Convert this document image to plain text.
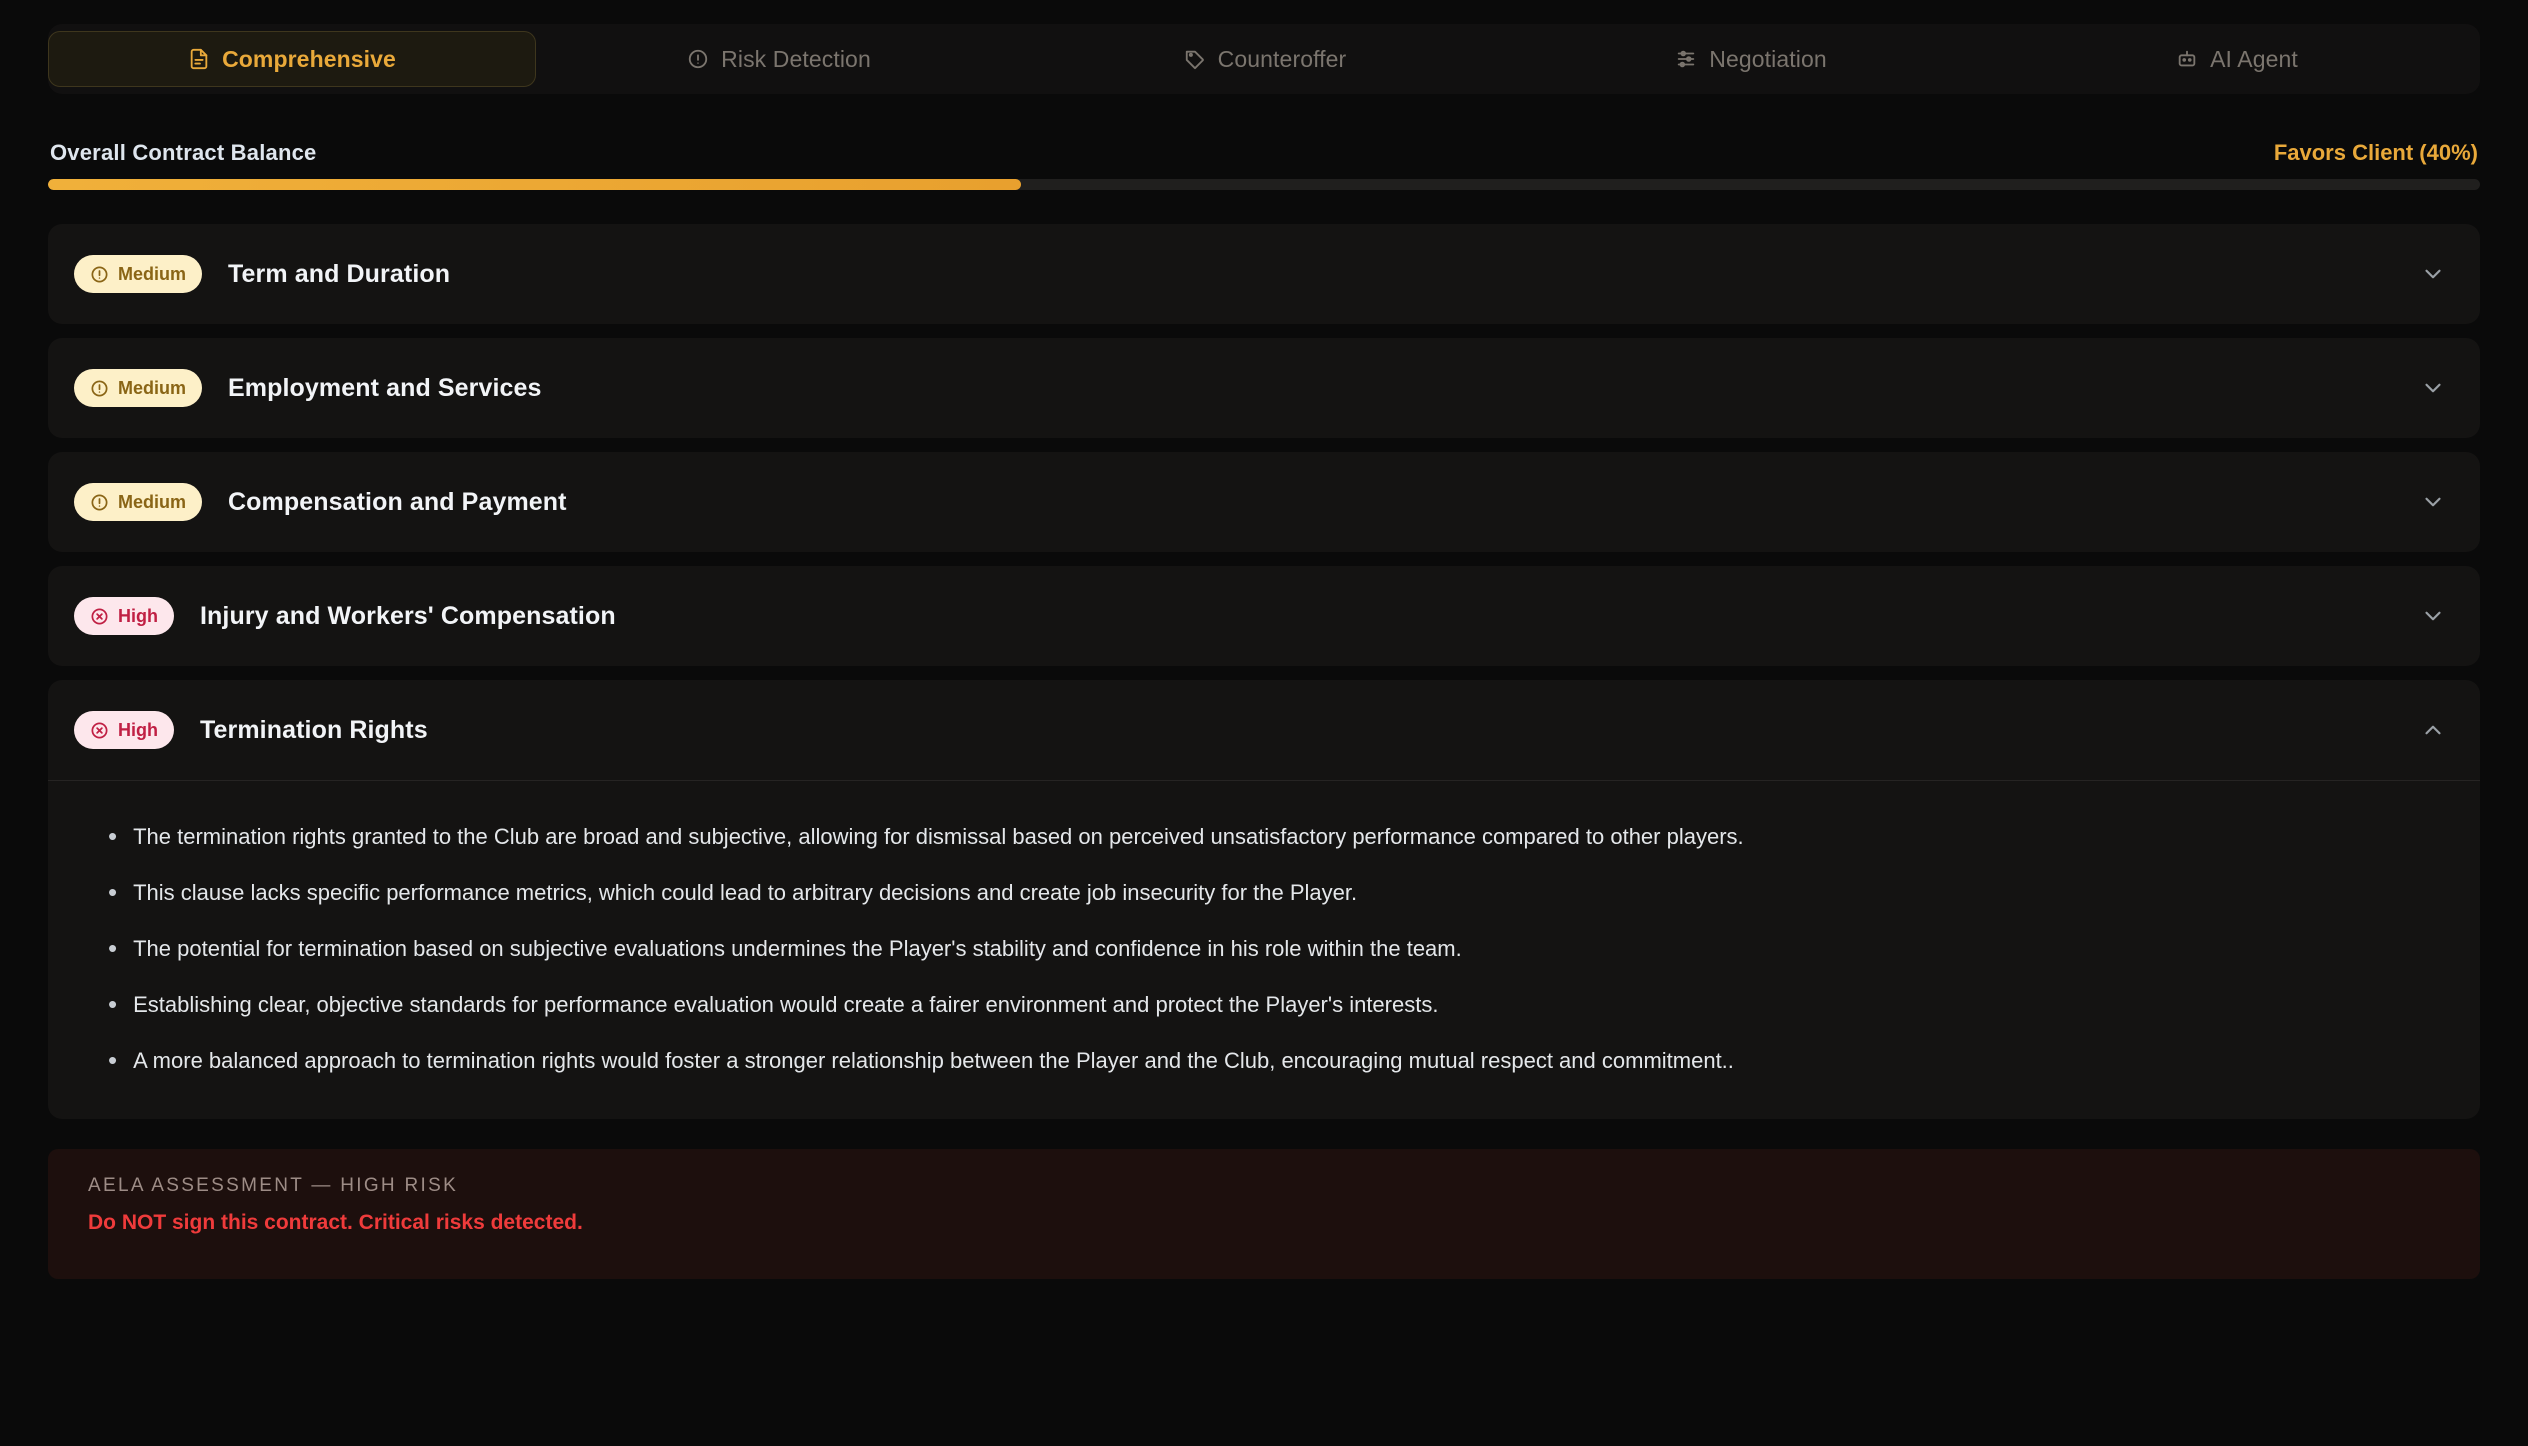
Comprehensive	Risk Detection	Counteroffer	Negotiation	AI Agent
Overall Contract Balance	Favors Client (40%)
Medium Term and Duration
Medium Employment and Services
Medium Compensation and Payment
High Injury and Workers' Compensation
High Termination Rights
• The termination rights granted to the Club are broad and subjective, allowing for dismissal based on perceived unsatisfactory performance compared to other players.
• This clause lacks specific performance metrics, which could lead to arbitrary decisions and create job insecurity for the Player.
• The potential for termination based on subjective evaluations undermines the Player's stability and confidence in his role within the team.
• Establishing clear, objective standards for performance evaluation would create a fairer environment and protect the Player's interests.
• A more balanced approach to termination rights would foster a stronger relationship between the Player and the Club, encouraging mutual respect and commitment..
AELA ASSESSMENT — HIGH RISK
Do NOT sign this contract. Critical risks detected.
